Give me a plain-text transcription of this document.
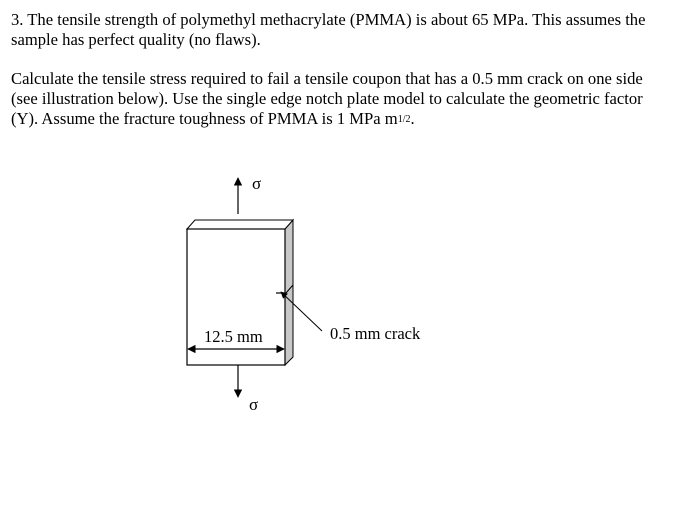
3. The tensile strength of polymethyl methacrylate (PMMA) is about 65 MPa. This assumes the
sample has perfect quality (no flaws).
Calculate the tensile stress required to fail a tensile coupon that has a 0.5 mm crack on one side
(see illustration below). Use the single edge notch plate model to calculate the geometric factor
(Y). Assume the fracture toughness of PMMA is 1 MPa $m^{1/2}$.
σ
0.5 mm crack
12.5 mm
σ
